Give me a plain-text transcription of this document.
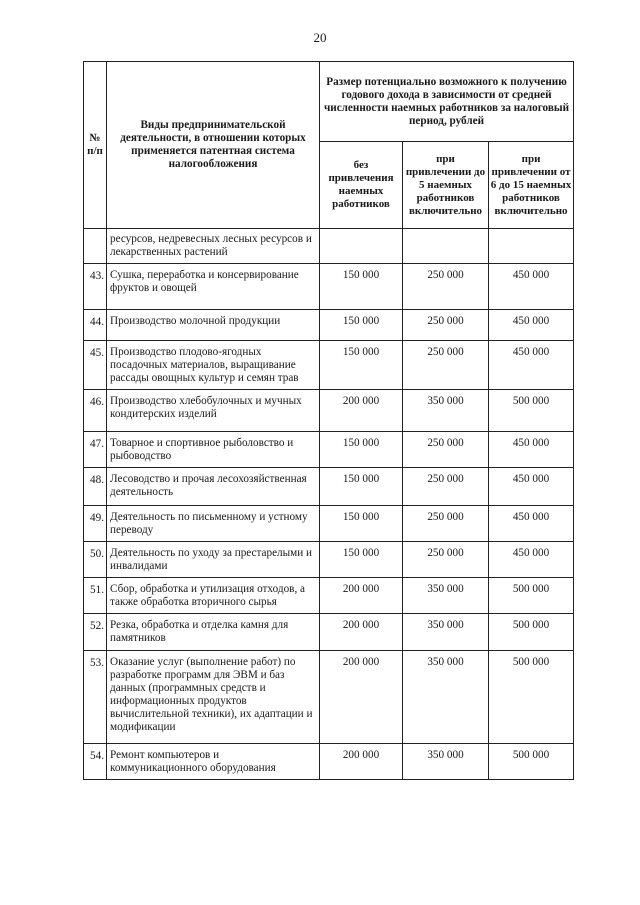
20
№ п/п	Виды предпринимательской деятельности, в отношении которых применяется патентная система налогообложения	Размер потенциально возможного к получению годового дохода в зависимости от средней численности наемных работников за налоговый период, рублей		
		без привлечения наемных работников	при привлечении до 5 наемных работников включительно	при привлечении от 6 до 15 наемных работников включительно
	ресурсов, недревесных лесных ресурсов и лекарственных растений			
43.	Сушка, переработка и консервирование фруктов и овощей	150 000	250 000	450 000
44.	Производство молочной продукции	150 000	250 000	450 000
45.	Производство плодово-ягодных посадочных материалов, выращивание рассады овощных культур и семян трав	150 000	250 000	450 000
46.	Производство хлебобулочных и мучных кондитерских изделий	200 000	350 000	500 000
47.	Товарное и спортивное рыболовство и рыбоводство	150 000	250 000	450 000
48.	Лесоводство и прочая лесохозяйственная деятельность	150 000	250 000	450 000
49.	Деятельность по письменному и устному переводу	150 000	250 000	450 000
50.	Деятельность по уходу за престарелыми и инвалидами	150 000	250 000	450 000
51.	Сбор, обработка и утилизация отходов, а также обработка вторичного сырья	200 000	350 000	500 000
52.	Резка, обработка и отделка камня для памятников	200 000	350 000	500 000
53.	Оказание услуг (выполнение работ) по разработке программ для ЭВМ и баз данных (программных средств и информационных продуктов вычислительной техники), их адаптации и модификации	200 000	350 000	500 000
54.	Ремонт компьютеров и коммуникационного оборудования	200 000	350 000	500 000
